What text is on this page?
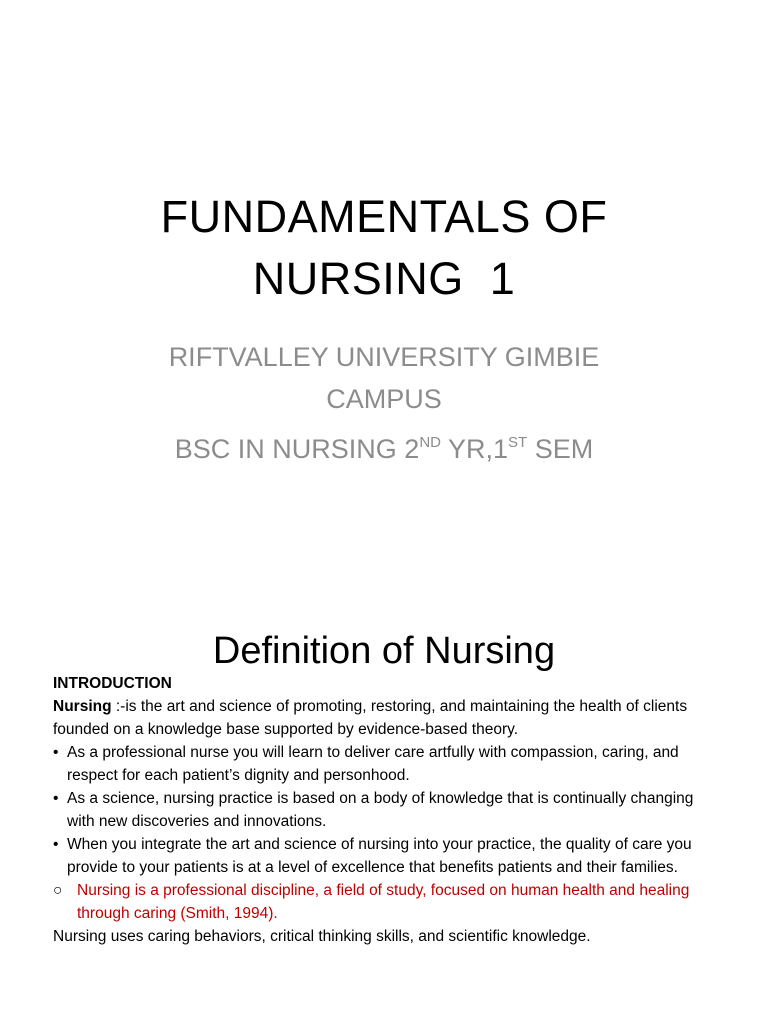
FUNDAMENTALS OF
NURSING  1
RIFTVALLEY UNIVERSITY GIMBIE
CAMPUS
BSC IN NURSING 2ND YR,1ST SEM
Definition of Nursing

INTRODUCTION

Nursing :-is the art and science of promoting, restoring, and maintaining the health of clients founded on a knowledge base supported by evidence-based theory.

• As a professional nurse you will learn to deliver care artfully with compassion, caring, and respect for each patient’s dignity and personhood.

• As a science, nursing practice is based on a body of knowledge that is continually changing with new discoveries and innovations.

• When you integrate the art and science of nursing into your practice, the quality of care you provide to your patients is at a level of excellence that benefits patients and their families.

○ Nursing is a professional discipline, a field of study, focused on human health and healing through caring (Smith, 1994).

Nursing uses caring behaviors, critical thinking skills, and scientific knowledge.
